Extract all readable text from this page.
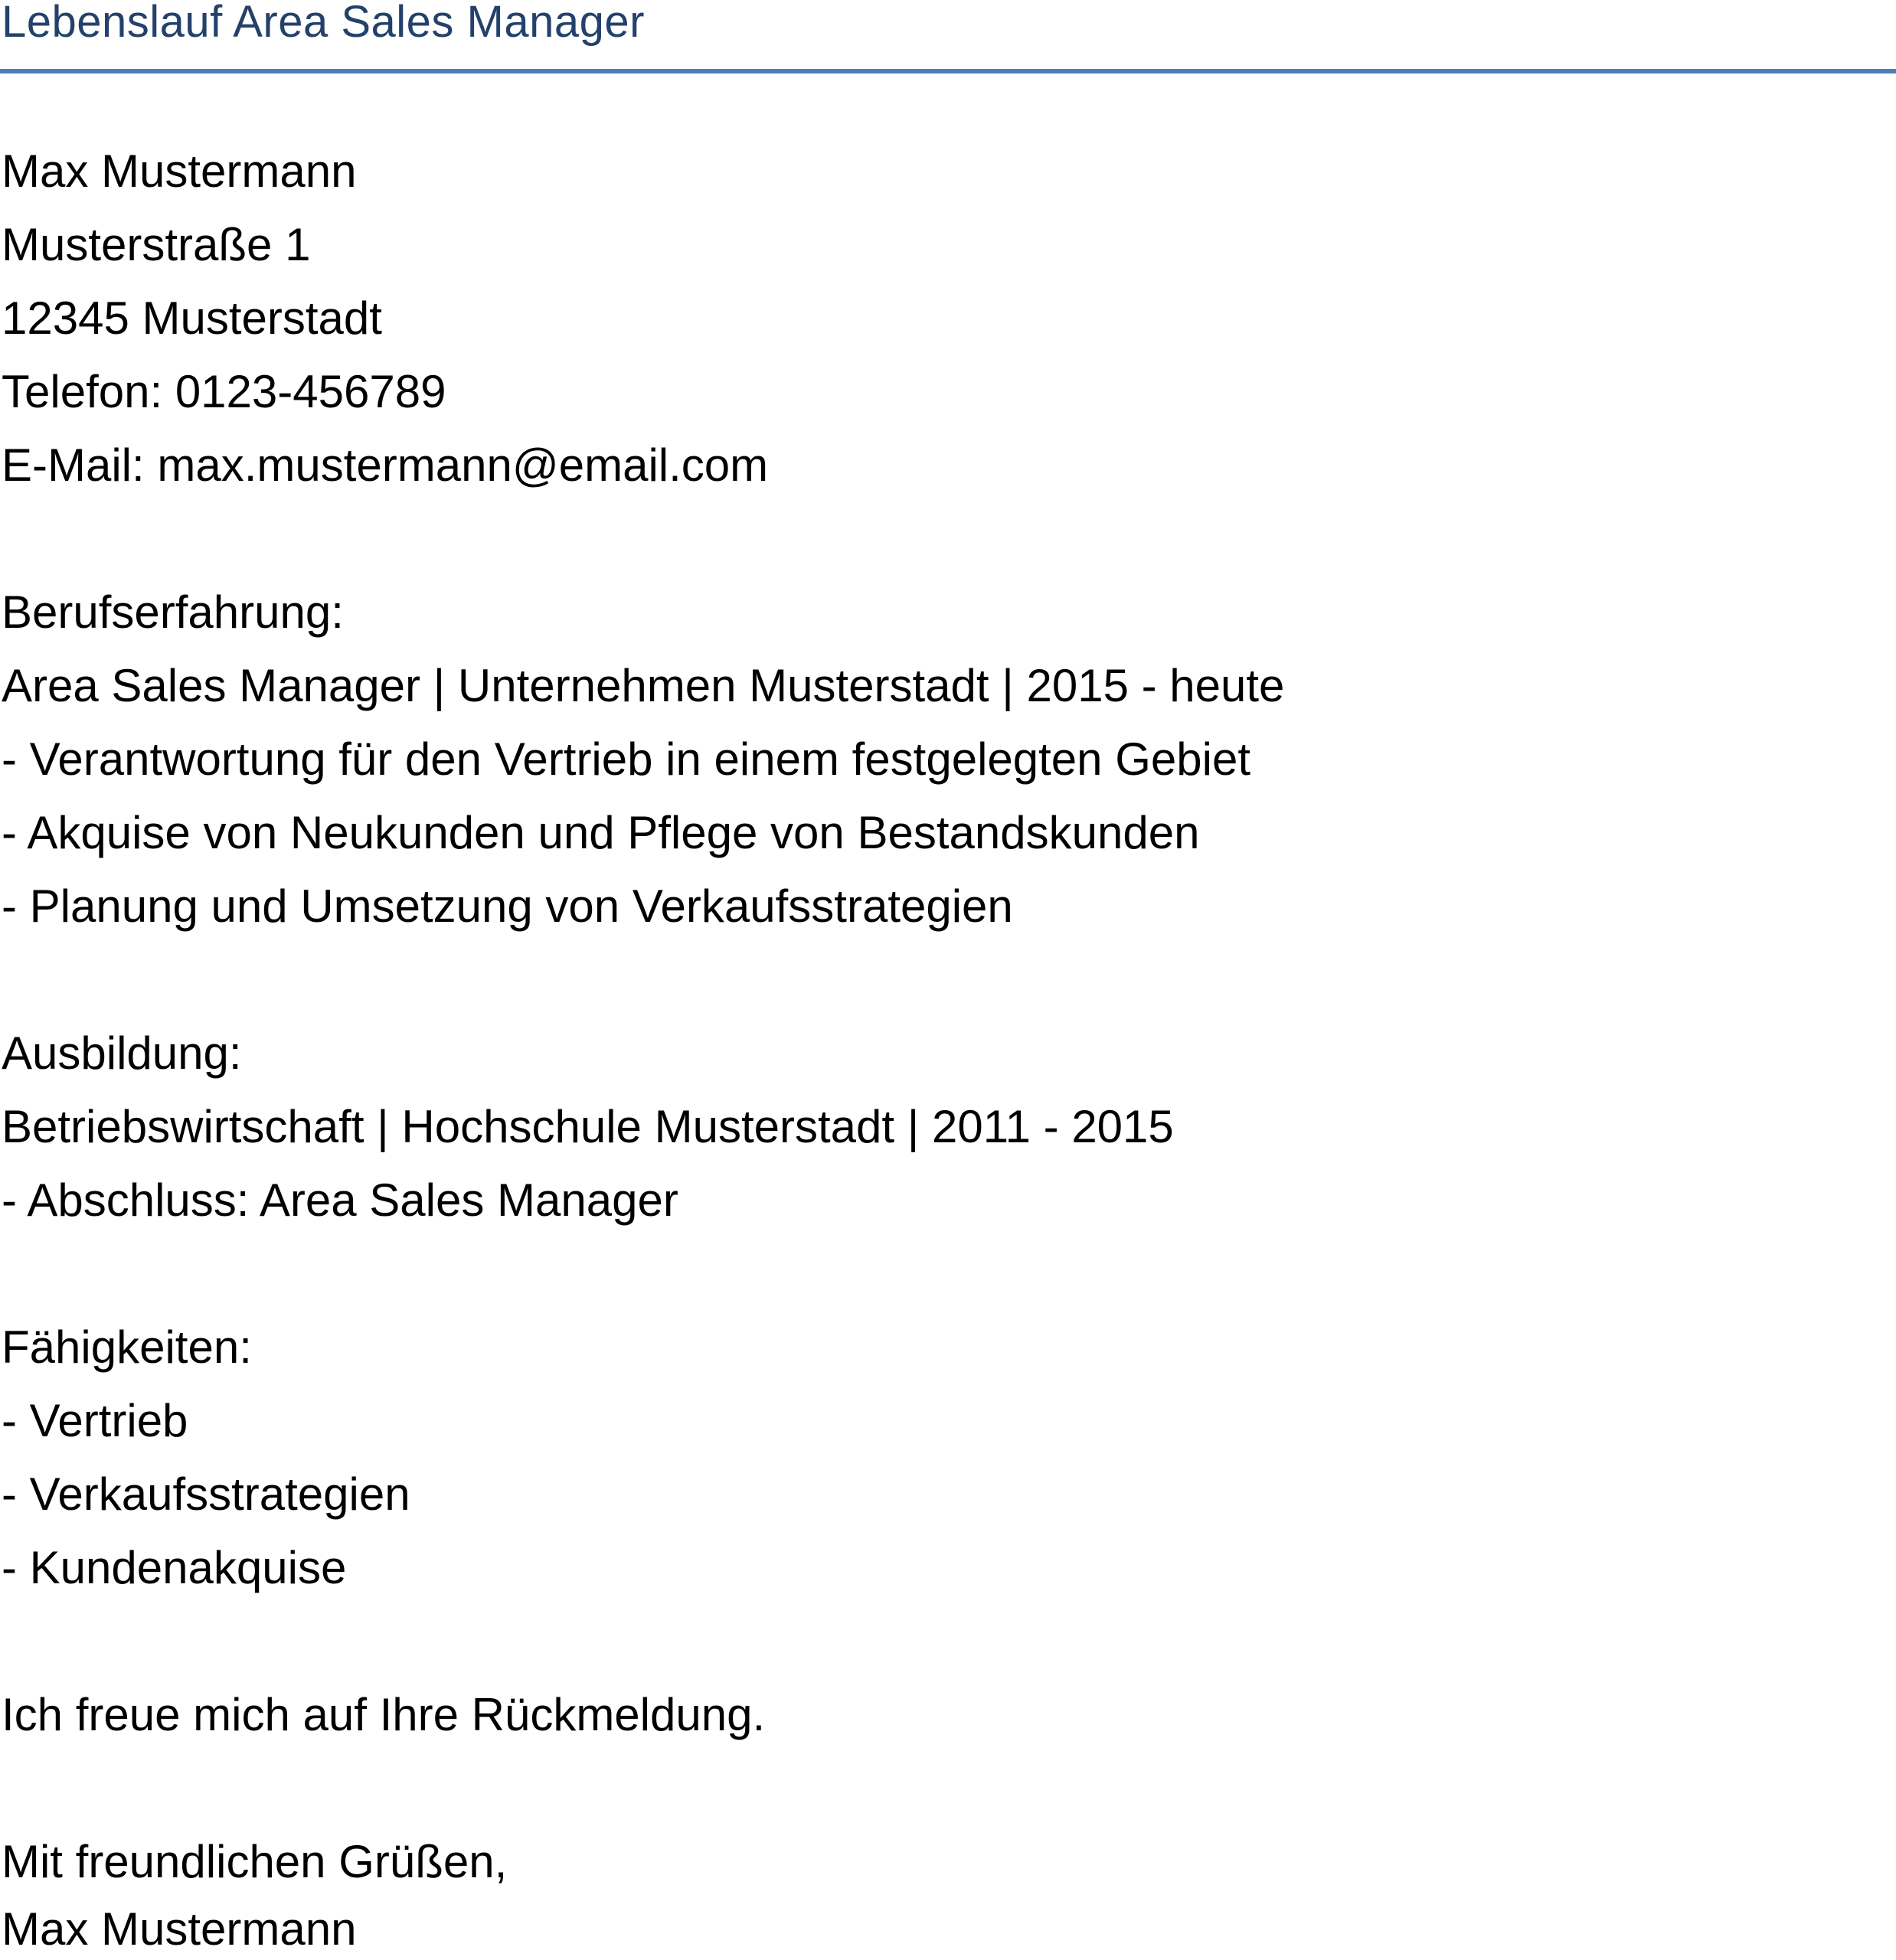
Lebenslauf Area Sales Manager
Max Mustermann
Musterstraße 1
12345 Musterstadt
Telefon: 0123-456789
E-Mail: max.mustermann@email.com
Berufserfahrung:
Area Sales Manager | Unternehmen Musterstadt | 2015 - heute
- Verantwortung für den Vertrieb in einem festgelegten Gebiet
- Akquise von Neukunden und Pflege von Bestandskunden
- Planung und Umsetzung von Verkaufsstrategien
Ausbildung:
Betriebswirtschaft | Hochschule Musterstadt | 2011 - 2015
- Abschluss: Area Sales Manager
Fähigkeiten:
- Vertrieb
- Verkaufsstrategien
- Kundenakquise
Ich freue mich auf Ihre Rückmeldung.
Mit freundlichen Grüßen,
Max Mustermann
